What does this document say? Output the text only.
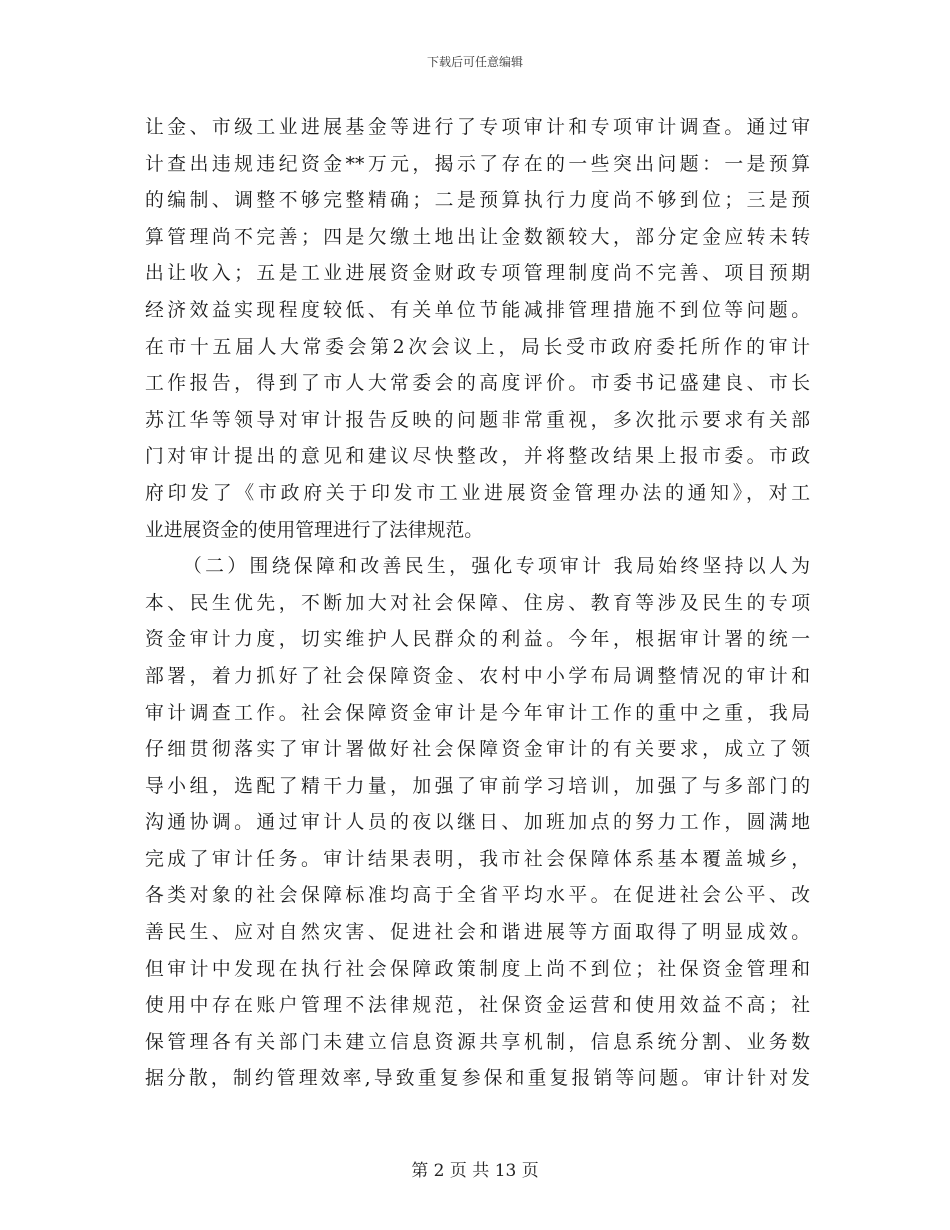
下载后可任意编辑
让金、市级工业进展基金等进行了专项审计和专项审计调查。通过审
计查出违规违纪资金**万元，揭示了存在的一些突出问题：一是预算
的编制、调整不够完整精确；二是预算执行力度尚不够到位；三是预
算管理尚不完善；四是欠缴土地出让金数额较大，部分定金应转未转
出让收入；五是工业进展资金财政专项管理制度尚不完善、项目预期
经济效益实现程度较低、有关单位节能减排管理措施不到位等问题。
在市十五届人大常委会第2次会议上，局长受市政府委托所作的审计
工作报告，得到了市人大常委会的高度评价。市委书记盛建良、市长
苏江华等领导对审计报告反映的问题非常重视，多次批示要求有关部
门对审计提出的意见和建议尽快整改，并将整改结果上报市委。市政
府印发了《市政府关于印发市工业进展资金管理办法的通知》，对工
业进展资金的使用管理进行了法律规范。
（二）围绕保障和改善民生，强化专项审计 我局始终坚持以人为
本、民生优先，不断加大对社会保障、住房、教育等涉及民生的专项
资金审计力度，切实维护人民群众的利益。今年，根据审计署的统一
部署，着力抓好了社会保障资金、农村中小学布局调整情况的审计和
审计调查工作。社会保障资金审计是今年审计工作的重中之重，我局
仔细贯彻落实了审计署做好社会保障资金审计的有关要求，成立了领
导小组，选配了精干力量，加强了审前学习培训，加强了与多部门的
沟通协调。通过审计人员的夜以继日、加班加点的努力工作，圆满地
完成了审计任务。审计结果表明，我市社会保障体系基本覆盖城乡，
各类对象的社会保障标准均高于全省平均水平。在促进社会公平、改
善民生、应对自然灾害、促进社会和谐进展等方面取得了明显成效。
但审计中发现在执行社会保障政策制度上尚不到位；社保资金管理和
使用中存在账户管理不法律规范，社保资金运营和使用效益不高；社
保管理各有关部门未建立信息资源共享机制，信息系统分割、业务数
据分散，制约管理效率,导致重复参保和重复报销等问题。审计针对发
第 2 页 共 13 页
